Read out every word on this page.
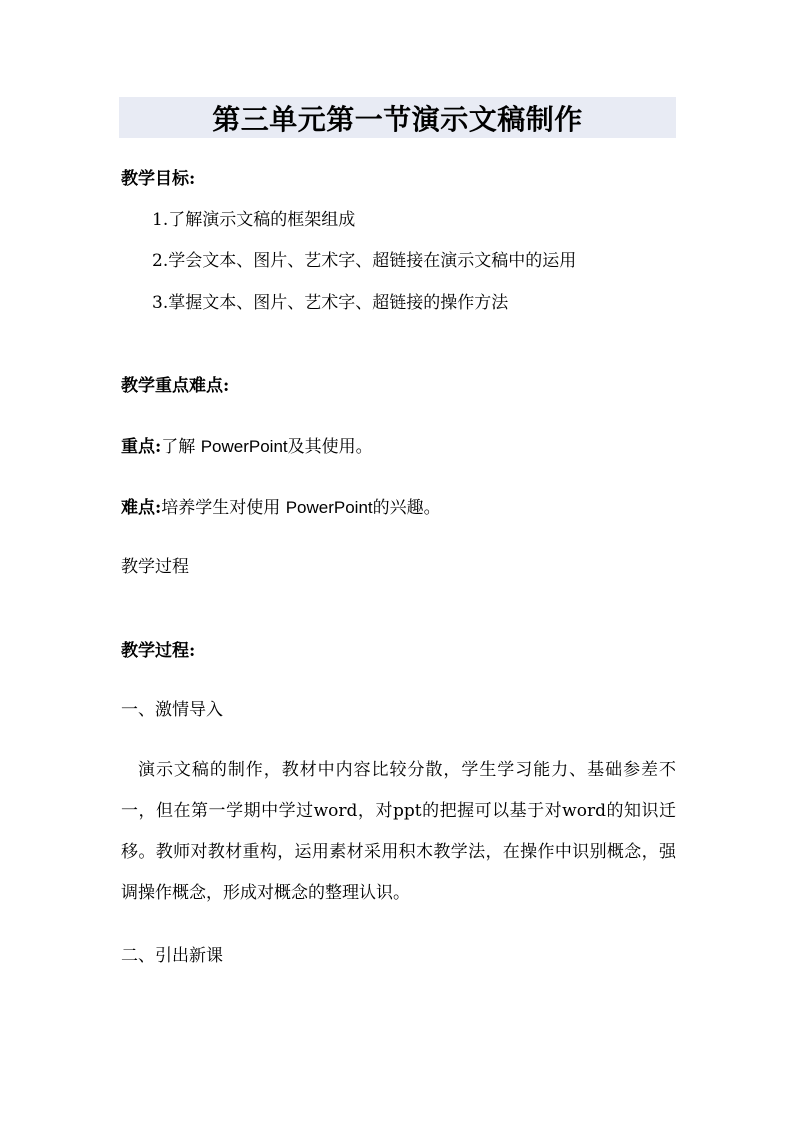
第三单元第一节演示文稿制作
教学目标:
1.了解演示文稿的框架组成
2.学会文本、图片、艺术字、超链接在演示文稿中的运用
3.掌握文本、图片、艺术字、超链接的操作方法
教学重点难点:
重点:了解 PowerPoint及其使用。
难点:培养学生对使用 PowerPoint的兴趣。
教学过程
教学过程:
一、激情导入
演示文稿的制作，教材中内容比较分散，学生学习能力、基础参差不一，但在第一学期中学过word，对ppt的把握可以基于对word的知识迁移。教师对教材重构，运用素材采用积木教学法，在操作中识别概念，强调操作概念，形成对概念的整理认识。
二、引出新课
